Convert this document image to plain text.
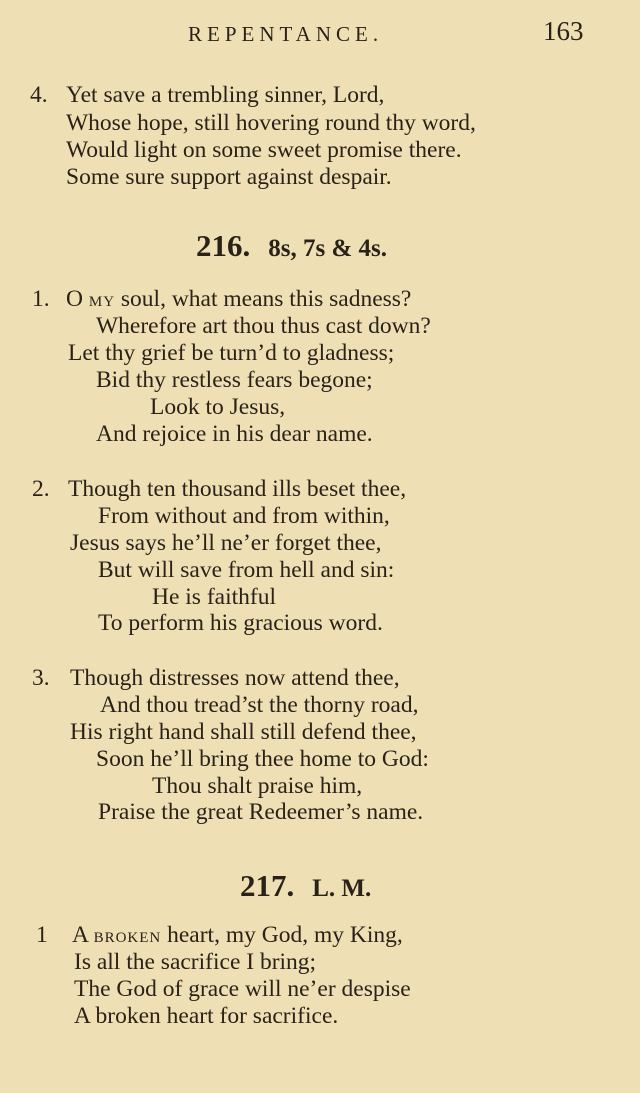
REPENTANCE.	163
4. Yet save a trembling sinner, Lord,
Whose hope, still hovering round thy word,
Would light on some sweet promise there.
Some sure support against despair.
216. 8s, 7s & 4s.
1. O my soul, what means this sadness?
Wherefore art thou thus cast down?
Let thy grief be turn’d to gladness;
Bid thy restless fears begone;
Look to Jesus,
And rejoice in his dear name.
2. Though ten thousand ills beset thee,
From without and from within,
Jesus says he’ll ne’er forget thee,
But will save from hell and sin:
He is faithful
To perform his gracious word.
3. Though distresses now attend thee,
And thou tread’st the thorny road,
His right hand shall still defend thee,
Soon he’ll bring thee home to God:
Thou shalt praise him,
Praise the great Redeemer’s name.
217. L. M.
1 A broken heart, my God, my King,
Is all the sacrifice I bring;
The God of grace will ne’er despise
A broken heart for sacrifice.
